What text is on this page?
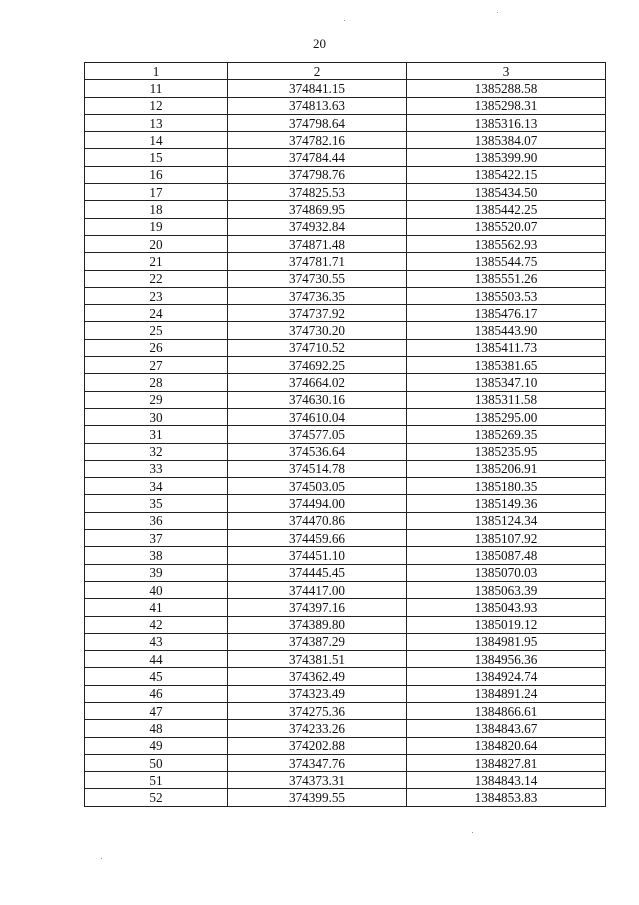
20
1	2	3
11	374841.15	1385288.58
12	374813.63	1385298.31
13	374798.64	1385316.13
14	374782.16	1385384.07
15	374784.44	1385399.90
16	374798.76	1385422.15
17	374825.53	1385434.50
18	374869.95	1385442.25
19	374932.84	1385520.07
20	374871.48	1385562.93
21	374781.71	1385544.75
22	374730.55	1385551.26
23	374736.35	1385503.53
24	374737.92	1385476.17
25	374730.20	1385443.90
26	374710.52	1385411.73
27	374692.25	1385381.65
28	374664.02	1385347.10
29	374630.16	1385311.58
30	374610.04	1385295.00
31	374577.05	1385269.35
32	374536.64	1385235.95
33	374514.78	1385206.91
34	374503.05	1385180.35
35	374494.00	1385149.36
36	374470.86	1385124.34
37	374459.66	1385107.92
38	374451.10	1385087.48
39	374445.45	1385070.03
40	374417.00	1385063.39
41	374397.16	1385043.93
42	374389.80	1385019.12
43	374387.29	1384981.95
44	374381.51	1384956.36
45	374362.49	1384924.74
46	374323.49	1384891.24
47	374275.36	1384866.61
48	374233.26	1384843.67
49	374202.88	1384820.64
50	374347.76	1384827.81
51	374373.31	1384843.14
52	374399.55	1384853.83
